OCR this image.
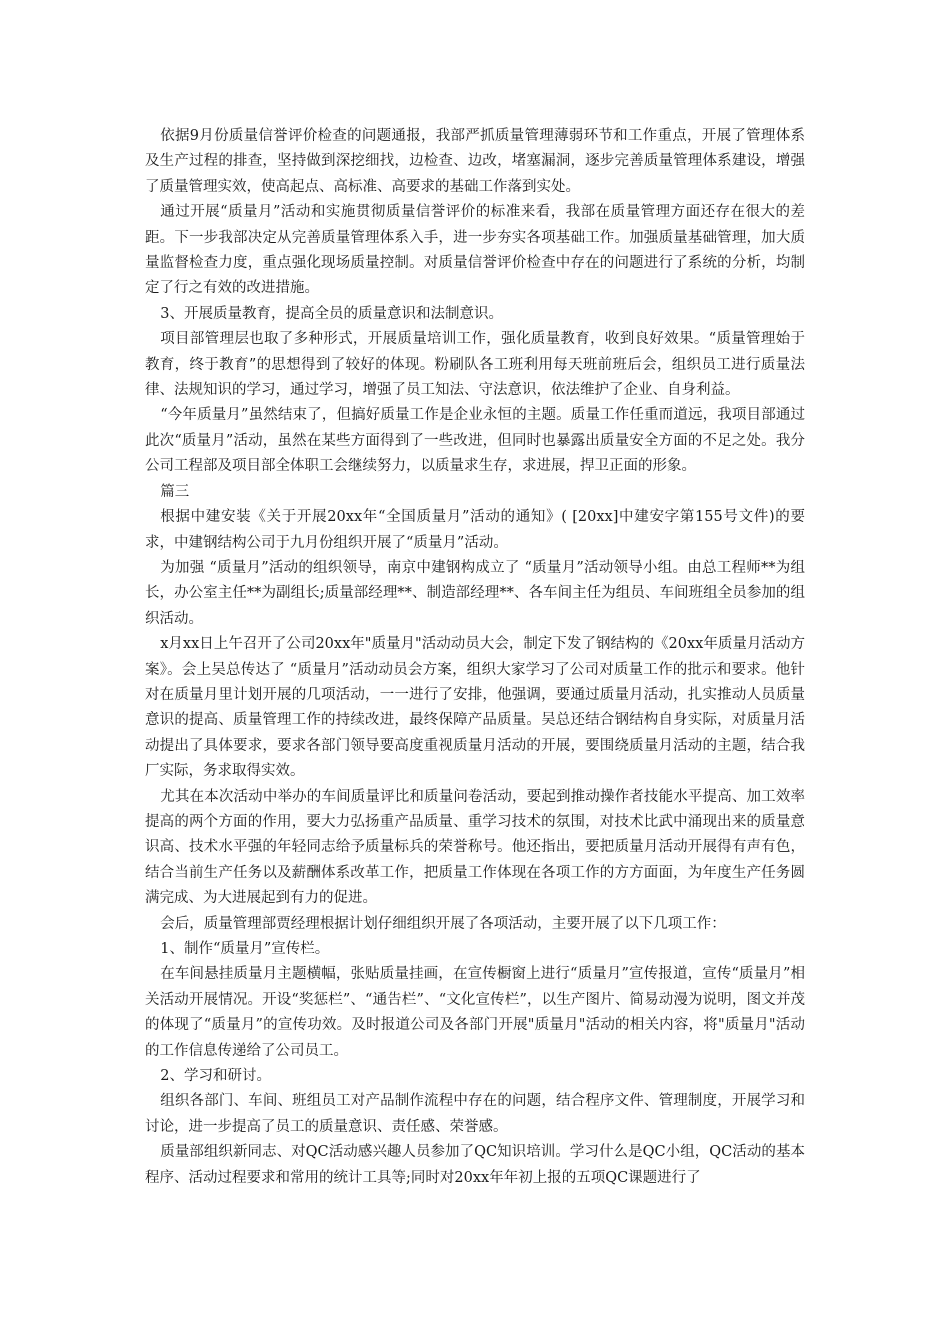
依据9月份质量信誉评价检查的问题通报，我部严抓质量管理薄弱环节和工作重点，开展了管理体系及生产过程的排查，坚持做到深挖细找，边检查、边改，堵塞漏洞，逐步完善质量管理体系建设，增强了质量管理实效，使高起点、高标准、高要求的基础工作落到实处。

通过开展“质量月”活动和实施贯彻质量信誉评价的标准来看，我部在质量管理方面还存在很大的差距。下一步我部决定从完善质量管理体系入手，进一步夯实各项基础工作。加强质量基础管理，加大质量监督检查力度，重点强化现场质量控制。对质量信誉评价检查中存在的问题进行了系统的分析，均制定了行之有效的改进措施。

3、开展质量教育，提高全员的质量意识和法制意识。

项目部管理层也取了多种形式，开展质量培训工作，强化质量教育，收到良好效果。“质量管理始于教育，终于教育”的思想得到了较好的体现。粉刷队各工班利用每天班前班后会，组织员工进行质量法律、法规知识的学习，通过学习，增强了员工知法、守法意识，依法维护了企业、自身利益。

“今年质量月”虽然结束了，但搞好质量工作是企业永恒的主题。质量工作任重而道远，我项目部通过此次“质量月”活动，虽然在某些方面得到了一些改进，但同时也暴露出质量安全方面的不足之处。我分公司工程部及项目部全体职工会继续努力，以质量求生存，求进展，捍卫正面的形象。

篇三

根据中建安装《关于开展20xx年“全国质量月”活动的通知》( [20xx]中建安字第155号文件)的要求，中建钢结构公司于九月份组织开展了“质量月”活动。

为加强 “质量月”活动的组织领导，南京中建钢构成立了 “质量月”活动领导小组。由总工程师**为组长，办公室主任**为副组长;质量部经理**、制造部经理**、各车间主任为组员、车间班组全员参加的组织活动。

x月xx日上午召开了公司20xx年"质量月"活动动员大会，制定下发了钢结构的《20xx年质量月活动方案》。会上吴总传达了 “质量月”活动动员会方案，组织大家学习了公司对质量工作的批示和要求。他针对在质量月里计划开展的几项活动，一一进行了安排，他强调，要通过质量月活动，扎实推动人员质量意识的提高、质量管理工作的持续改进，最终保障产品质量。吴总还结合钢结构自身实际，对质量月活动提出了具体要求，要求各部门领导要高度重视质量月活动的开展，要围绕质量月活动的主题，结合我厂实际，务求取得实效。

尤其在本次活动中举办的车间质量评比和质量问卷活动，要起到推动操作者技能水平提高、加工效率提高的两个方面的作用，要大力弘扬重产品质量、重学习技术的氛围，对技术比武中涌现出来的质量意识高、技术水平强的年轻同志给予质量标兵的荣誉称号。他还指出，要把质量月活动开展得有声有色，结合当前生产任务以及薪酬体系改革工作，把质量工作体现在各项工作的方方面面，为年度生产任务圆满完成、为大进展起到有力的促进。

会后，质量管理部贾经理根据计划仔细组织开展了各项活动，主要开展了以下几项工作：

1、制作“质量月”宣传栏。

在车间悬挂质量月主题横幅，张贴质量挂画，在宣传橱窗上进行“质量月”宣传报道，宣传“质量月”相关活动开展情况。开设“奖惩栏”、“通告栏”、“文化宣传栏”，以生产图片、简易动漫为说明，图文并茂的体现了“质量月”的宣传功效。及时报道公司及各部门开展"质量月"活动的相关内容，将"质量月"活动的工作信息传递给了公司员工。

2、学习和研讨。

组织各部门、车间、班组员工对产品制作流程中存在的问题，结合程序文件、管理制度，开展学习和讨论，进一步提高了员工的质量意识、责任感、荣誉感。

质量部组织新同志、对QC活动感兴趣人员参加了QC知识培训。学习什么是QC小组，QC活动的基本程序、活动过程要求和常用的统计工具等;同时对20xx年年初上报的五项QC课题进行了
